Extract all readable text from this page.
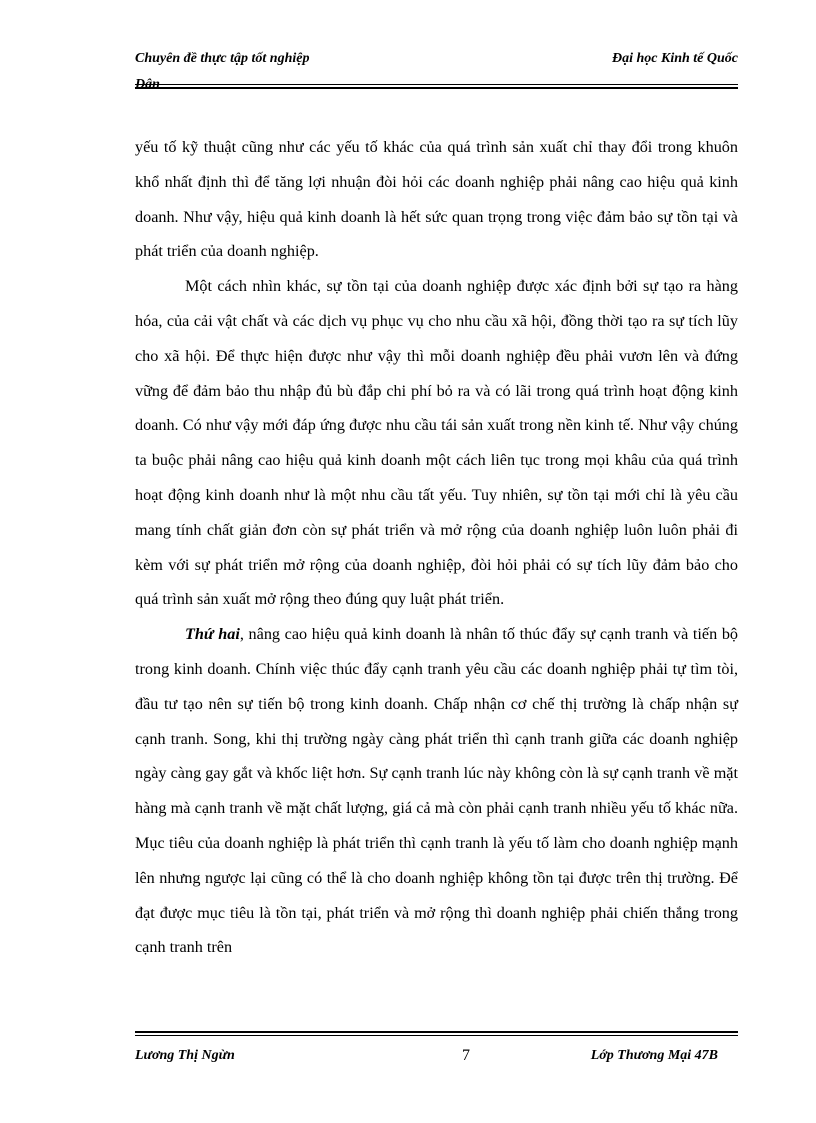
Chuyên đề thực tập tốt nghiệp	Đại học Kinh tế Quốc
Dân

yếu tố kỹ thuật cũng như các yếu tố khác của quá trình sản xuất chỉ thay đổi trong khuôn khổ nhất định thì để tăng lợi nhuận đòi hỏi các doanh nghiệp phải nâng cao hiệu quả kinh doanh. Như vậy, hiệu quả kinh doanh là hết sức quan trọng trong việc đảm bảo sự tồn tại và phát triển của doanh nghiệp.

Một cách nhìn khác, sự tồn tại của doanh nghiệp được xác định bởi sự tạo ra hàng hóa, của cải vật chất và các dịch vụ phục vụ cho nhu cầu xã hội, đồng thời tạo ra sự tích lũy cho xã hội. Để thực hiện được như vậy thì mỗi doanh nghiệp đều phải vươn lên và đứng vững để đảm bảo thu nhập đủ bù đắp chi phí bỏ ra và có lãi trong quá trình hoạt động kinh doanh. Có như vậy mới đáp ứng được nhu cầu tái sản xuất trong nền kinh tế. Như vậy chúng ta buộc phải nâng cao hiệu quả kinh doanh một cách liên tục trong mọi khâu của quá trình hoạt động kinh doanh như là một nhu cầu tất yếu. Tuy nhiên, sự tồn tại mới chỉ là yêu cầu mang tính chất giản đơn còn sự phát triển và mở rộng của doanh nghiệp luôn luôn phải đi kèm với sự phát triển mở rộng của doanh nghiệp, đòi hỏi phải có sự tích lũy đảm bảo cho quá trình sản xuất mở rộng theo đúng quy luật phát triển.

Thứ hai, nâng cao hiệu quả kinh doanh là nhân tố thúc đẩy sự cạnh tranh và tiến bộ trong kinh doanh. Chính việc thúc đẩy cạnh tranh yêu cầu các doanh nghiệp phải tự tìm tòi, đầu tư tạo nên sự tiến bộ trong kinh doanh. Chấp nhận cơ chế thị trường là chấp nhận sự cạnh tranh. Song, khi thị trường ngày càng phát triển thì cạnh tranh giữa các doanh nghiệp ngày càng gay gắt và khốc liệt hơn. Sự cạnh tranh lúc này không còn là sự cạnh tranh về mặt hàng mà cạnh tranh về mặt chất lượng, giá cả mà còn phải cạnh tranh nhiều yếu tố khác nữa. Mục tiêu của doanh nghiệp là phát triển thì cạnh tranh là yếu tố làm cho doanh nghiệp mạnh lên nhưng ngược lại cũng có thể là cho doanh nghiệp không tồn tại được trên thị trường. Để đạt được mục tiêu là tồn tại, phát triển và mở rộng thì doanh nghiệp phải chiến thắng trong cạnh tranh trên

Lương Thị Ngừn	7	Lớp Thương Mại 47B
